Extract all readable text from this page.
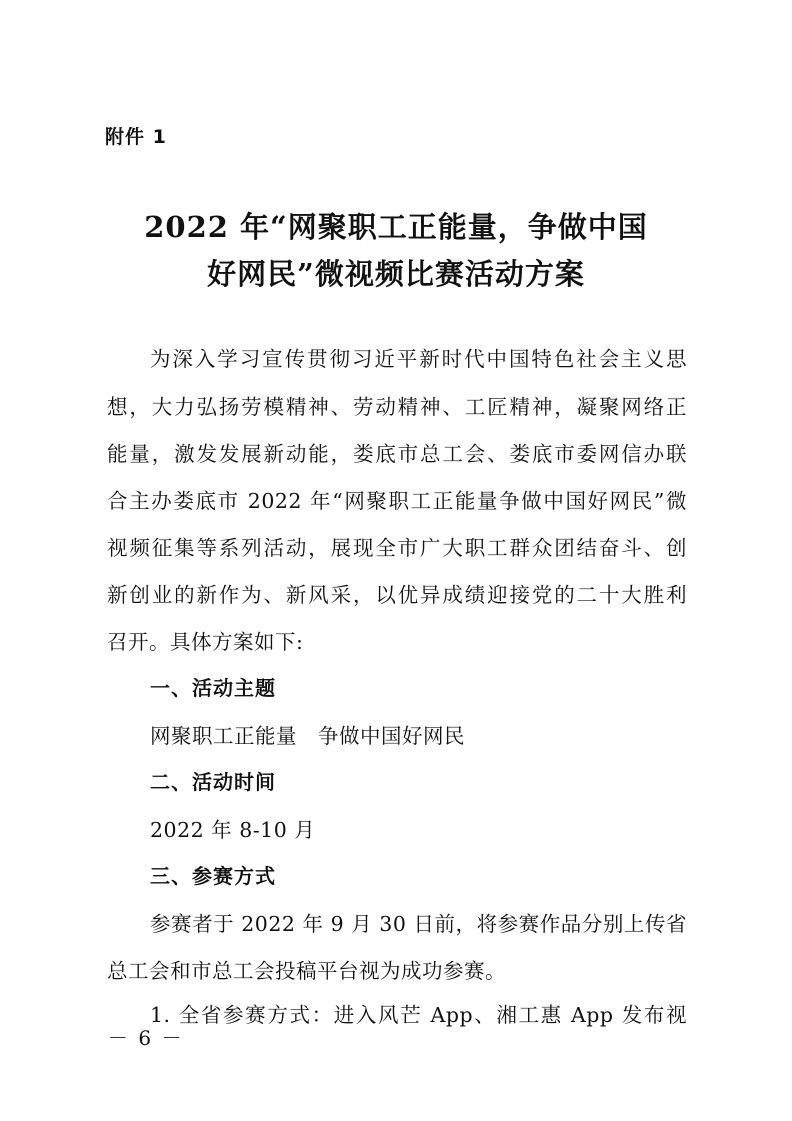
附件 1
2022 年“网聚职工正能量，争做中国
好网民”微视频比赛活动方案
为深入学习宣传贯彻习近平新时代中国特色社会主义思
想，大力弘扬劳模精神、劳动精神、工匠精神，凝聚网络正
能量，激发发展新动能，娄底市总工会、娄底市委网信办联
合主办娄底市 2022 年“网聚职工正能量争做中国好网民”微
视频征集等系列活动，展现全市广大职工群众团结奋斗、创
新创业的新作为、新风采，以优异成绩迎接党的二十大胜利
召开。具体方案如下:
一、活动主题
网聚职工正能量　争做中国好网民
二、活动时间
2022 年 8-10 月
三、参赛方式
参赛者于 2022 年 9 月 30 日前，将参赛作品分别上传省
总工会和市总工会投稿平台视为成功参赛。
－ 6 －
1. 全省参赛方式：进入风芒 App、湘工惠 App 发布视
